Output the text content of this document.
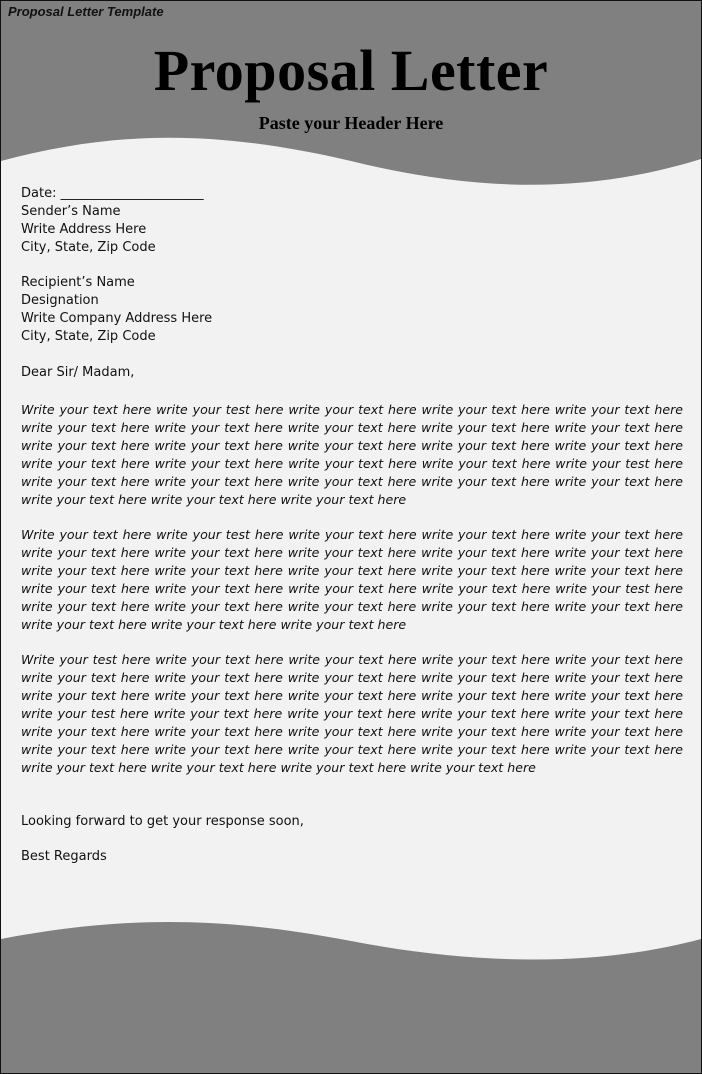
Proposal Letter Template
Proposal Letter
Paste your Header Here
Date: ______________________
Sender’s Name
Write Address Here
City, State, Zip Code
Recipient’s Name
Designation
Write Company Address Here
City, State, Zip Code
Dear Sir/ Madam,
Write your text here write your test here write your text here write your text here write your text here write your text here write your text here write your text here write your text here write your text here write your text here write your text here write your text here write your text here write your text here write your text here write your text here write your text here write your text here write your test here write your text here write your text here write your text here write your text here write your text here write your text here write your text here write your text here
Write your text here write your test here write your text here write your text here write your text here write your text here write your text here write your text here write your text here write your text here write your text here write your text here write your text here write your text here write your text here write your text here write your text here write your text here write your text here write your test here write your text here write your text here write your text here write your text here write your text here write your text here write your text here write your text here
Write your test here write your text here write your text here write your text here write your text here write your text here write your text here write your text here write your text here write your text here write your text here write your text here write your text here write your text here write your text here write your test here write your text here write your text here write your text here write your text here write your text here write your text here write your text here write your text here write your text here write your text here write your text here write your text here write your text here write your text here write your text here write your text here write your text here write your text here
Looking forward to get your response soon,
Best Regards
